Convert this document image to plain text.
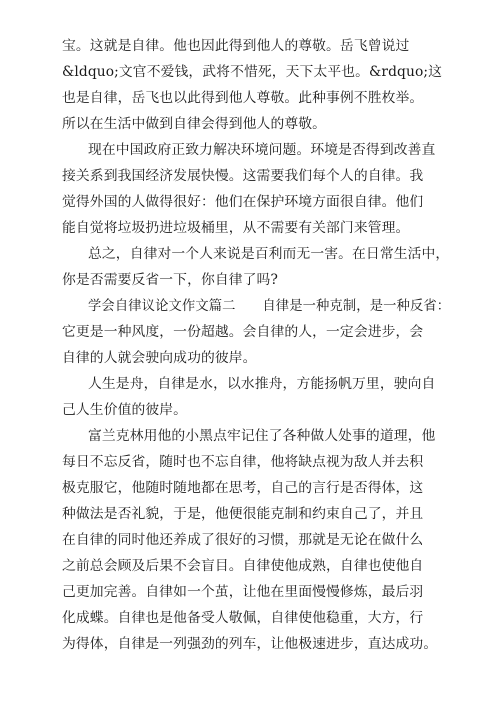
宝。这就是自律。他也因此得到他人的尊敬。岳飞曾说过
&ldquo;文官不爱钱，武将不惜死，天下太平也。&rdquo;这
也是自律，岳飞也以此得到他人尊敬。此种事例不胜枚举。
所以在生活中做到自律会得到他人的尊敬。
现在中国政府正致力解决环境问题。环境是否得到改善直
接关系到我国经济发展快慢。这需要我们每个人的自律。我
觉得外国的人做得很好：他们在保护环境方面很自律。他们
能自觉将垃圾扔进垃圾桶里，从不需要有关部门来管理。
总之，自律对一个人来说是百利而无一害。在日常生活中，
你是否需要反省一下，你自律了吗?
学会自律议论文作文篇二　　自律是一种克制，是一种反省：
它更是一种风度，一份超越。会自律的人，一定会进步，会
自律的人就会驶向成功的彼岸。
人生是舟，自律是水，以水推舟，方能扬帆万里，驶向自
己人生价值的彼岸。
富兰克林用他的小黑点牢记住了各种做人处事的道理，他
每日不忘反省，随时也不忘自律，他将缺点视为敌人并去积
极克服它，他随时随地都在思考，自己的言行是否得体，这
种做法是否礼貌，于是，他便很能克制和约束自己了，并且
在自律的同时他还养成了很好的习惯，那就是无论在做什么
之前总会顾及后果不会盲目。自律使他成熟，自律也使他自
己更加完善。自律如一个茧，让他在里面慢慢修炼，最后羽
化成蝶。自律也是他备受人敬佩，自律使他稳重，大方，行
为得体，自律是一列强劲的列车，让他极速进步，直达成功。
